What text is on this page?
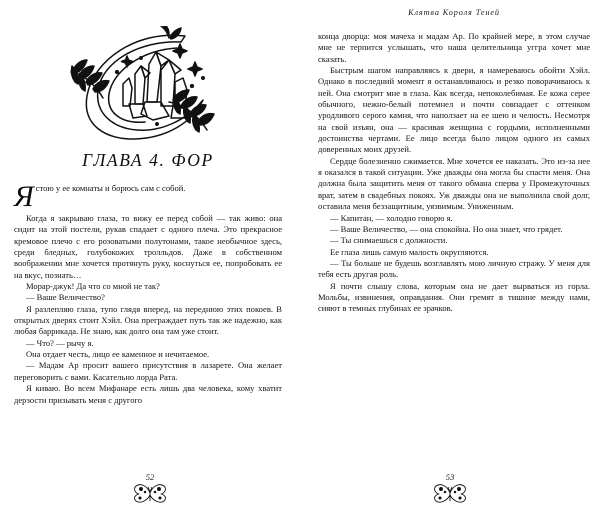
ГЛАВА 4. ФОР

Ястою у ее комнаты и борюсь сам с собой.

Когда я закрываю глаза, то вижу ее перед собой — так живо: она сидит на этой постели, рукав спадает с одного плеча. Это прекрасное кремовое плечо с его розоватыми полутонами, такое необычное здесь, среди бледных, голубокожих тролльдов. Даже в собственном воображении мне хочется протянуть руку, коснуться ее, попробовать ее на вкус, познать…

Морар-джук! Да что со мной не так?

— Ваше Величество?

Я разлепляю глаза, тупо глядя вперед, на переднюю этих покоев. В открытых дверях стоит Хэйл. Она преграждает путь так же надежно, как любая баррикада. Не знаю, как долго она там уже стоит.

— Что? — рычу я.

Она отдает честь, лицо ее каменное и нечитаемое.

— Мадам Ар просит вашего присутствия в лазарете. Она желает переговорить с вами. Касательно лорда Рата.

Я киваю. Во всем Мифанаре есть лишь два человека, кому хватит дерзости призывать меня с другого

52
Клятва Короля Теней

конца дворца: моя мачеха и мадам Ар. По крайней мере, в этом случае мне не терпится услышать, что наша целительница уггра хочет мне сказать.

Быстрым шагом направляясь к двери, я намереваюсь обойти Хэйл. Однако в последний момент я останавливаюсь и резко поворачиваюсь к ней. Она смотрит мне в глаза. Как всегда, непоколебимая. Ее кожа серее обычного, нежно-белый потемнел и почти совпадает с оттенком уродливого серого камня, что наползает на ее шею и челюсть. Несмотря на свой изъян, она — красивая женщина с гордыми, исполненными достоинства чертами. Ее лицо всегда было лицом одного из самых доверенных моих друзей.

Сердце болезненно сжимается. Мне хочется ее наказать. Это из-за нее я оказался в такой ситуации. Уже дважды она могла бы спасти меня. Она должна была защитить меня от такого обмана сперва у Промежуточных врат, затем в свадебных покоях. Уж дважды она не выполнила свой долг, оставила меня беззащитным, уязвимым. Униженным.

— Капитан, — холодно говорю я.

— Ваше Величество, — она спокойна. Но она знает, что грядет.

— Ты снимаешься с должности.

Ее глаза лишь самую малость округляются.

— Ты больше не будешь возглавлять мою личную стражу. У меня для тебя есть другая роль.

Я почти слышу слова, которым она не дает вырваться из горла. Мольбы, извинения, оправдания. Они гремят в тишине между нами, сияют в темных глубинах ее зрачков.

53
